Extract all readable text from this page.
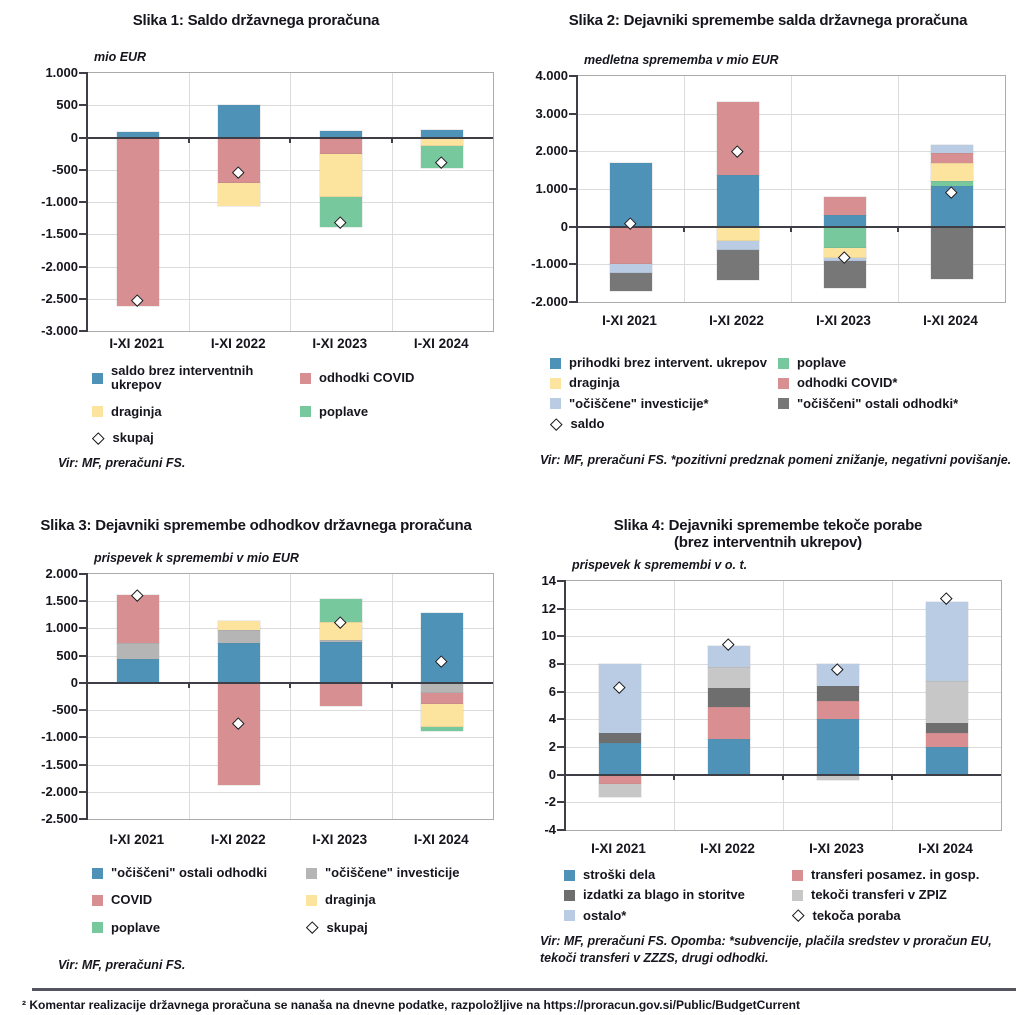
Slika 1: Saldo državnega proračuna
mio EUR
-3.000
-2.500
-2.000
-1.500
-1.000
-500
0
500
1.000
saldo brez interventnih ukrepov	odhodki COVID
draginja	poplave
skupaj

Vir: MF, preračuni FS.

I-XI 2021	I-XI 2022	I-XI 2023	I-XI 2024
Slika 2: Dejavniki spremembe salda državnega proračuna
medletna sprememba v mio EUR
-2.000
-1.000
0
1.000
2.000
3.000
4.000
prihodki brez intervent. ukrepov poplave
draginja	odhodki COVID*
"očiščene" investicije*	"očiščeni" ostali odhodki*
saldo

Vir: MF, preračuni FS. *pozitivni predznak pomeni znižanje, negativni povišanje.

I-XI 2021	I-XI 2022	I-XI 2023	I-XI 2024
Slika 3: Dejavniki spremembe odhodkov državnega proračuna
prispevek k spremembi v mio EUR
-2.500
-2.000
-1.500
-1.000
-500
0
500
1.000
1.500
2.000
"očiščeni" ostali odhodki	"očiščene" investicije
COVID	draginja
poplave	skupaj

Vir: MF, preračuni FS.

I-XI 2021	I-XI 2022	I-XI 2023	I-XI 2024
Slika 4: Dejavniki spremembe tekoče porabe
(brez interventnih ukrepov)
prispevek k spremembi v o. t.
-4
-2
0
2
4
6
8
10
12
14
stroški dela	transferi posamez. in gosp.
izdatki za blago in storitve	tekoči transferi v ZPIZ
ostalo*	tekoča poraba

Vir: MF, preračuni FS. Opomba: *subvencije, plačila sredstev v proračun EU, tekoči transferi v ZZZS, drugi odhodki.

I-XI 2021	I-XI 2022	I-XI 2023	I-XI 2024

² Komentar realizacije državnega proračuna se nanaša na dnevne podatke, razpoložljive na https://proracun.gov.si/Public/BudgetCurrent
